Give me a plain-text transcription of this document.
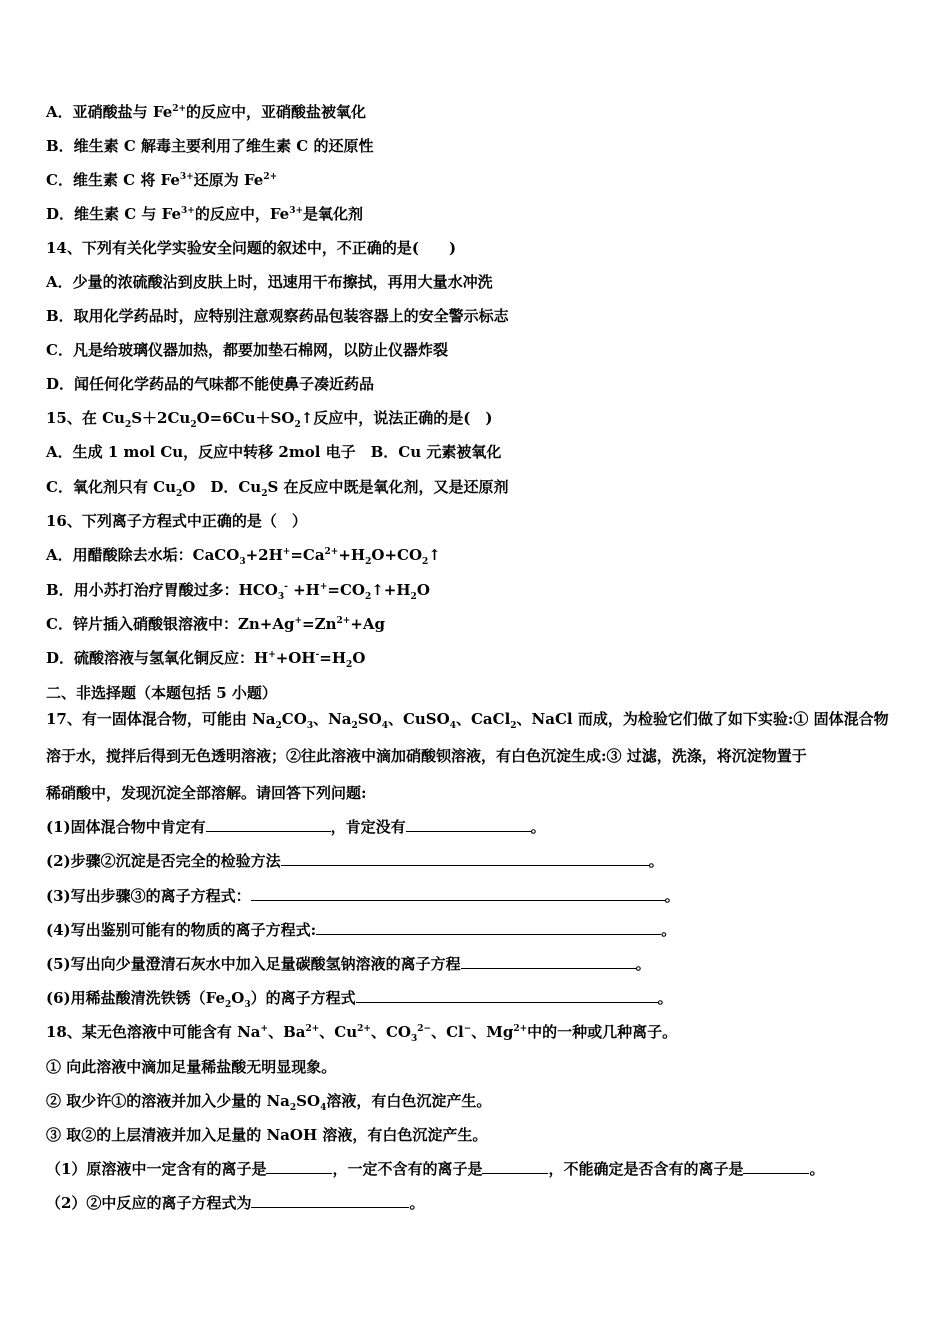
A．亚硝酸盐与 $Fe^{2+}$的反应中，亚硝酸盐被氧化
B．维生素 C 解毒主要利用了维生素 C 的还原性
C．维生素 C 将 $Fe^{3+}$还原为 $Fe^{2+}$
D．维生素 C 与 $Fe^{3+}$的反应中，$Fe^{3+}$是氧化剂
14、下列有关化学实验安全问题的叙述中，不正确的是(　　)
A．少量的浓硫酸沾到皮肤上时，迅速用干布擦拭，再用大量水冲洗
B．取用化学药品时，应特别注意观察药品包装容器上的安全警示标志
C．凡是给玻璃仪器加热，都要加垫石棉网，以防止仪器炸裂
D．闻任何化学药品的气味都不能使鼻子凑近药品
15、在 $Cu_2S+2Cu_2O=6Cu+SO_2↑$反应中，说法正确的是(　)
A．生成 1 mol Cu，反应中转移 2mol 电子　B．Cu 元素被氧化
C．氧化剂只有 $Cu_2O$　D．$Cu_2S$ 在反应中既是氧化剂，又是还原剂
16、下列离子方程式中正确的是（　）
A．用醋酸除去水垢：$CaCO_3+2H^+=Ca^{2+}+H_2O+CO_2↑$
B．用小苏打治疗胃酸过多：$HCO_3^-$ $+H^+=CO_2↑+H_2O$
C．锌片插入硝酸银溶液中：$Zn+Ag^+=Zn^{2+}+Ag$
D．硫酸溶液与氢氧化铜反应：$H^++OH^-=H_2O$
二、非选择题（本题包括 5 小题）
17、有一固体混合物，可能由 $Na_2CO_3$、$Na_2SO_4$、CuSO$_4$、CaCl$_2$、NaCl 而成，为检验它们做了如下实验:① 固体混合物
溶于水，搅拌后得到无色透明溶液；②往此溶液中滴加硝酸钡溶液，有白色沉淀生成:③ 过滤，洗涤，将沉淀物置于
稀硝酸中，发现沉淀全部溶解。请回答下列问题:
(1)固体混合物中肯定有	，肯定没有	。
(2)步骤②沉淀是否完全的检验方法	。
(3)写出步骤③的离子方程式：	。
(4)写出鉴别可能有的物质的离子方程式:	。
(5)写出向少量澄清石灰水中加入足量碳酸氢钠溶液的离子方程	。
(6)用稀盐酸清洗铁锈$(Fe_2O_3)$的离子方程式	。
18、某无色溶液中可能含有 Na+、$Ba^{2+}$、$Cu^{2+}$、$CO_3^{2-}$、Cl−、$Mg^{2+}$中的一种或几种离子。
① 向此溶液中滴加足量稀盐酸无明显现象。
② 取少许①的溶液并加入少量的 $Na_2SO_4$溶液，有白色沉淀产生。
③ 取②的上层清液并加入足量的 NaOH 溶液，有白色沉淀产生。
（1）原溶液中一定含有的离子是	，一定不含有的离子是	，不能确定是否含有的离子是	。
（2）②中反应的离子方程式为	。
